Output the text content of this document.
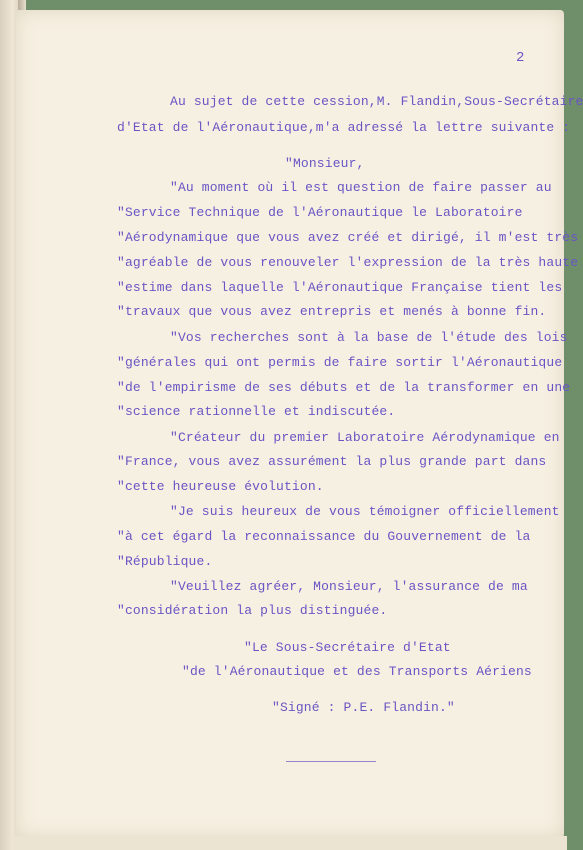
2
Au sujet de cette cession,M. Flandin,Sous-Secrétaire
d'Etat de l'Aéronautique,m'a adressé la lettre suivante :
"Monsieur,
"Au moment où il est question de faire passer au
"Service Technique de l'Aéronautique le Laboratoire
"Aérodynamique que vous avez créé et dirigé, il m'est très
"agréable de vous renouveler l'expression de la très haute
"estime dans laquelle l'Aéronautique Française tient les
"travaux que vous avez entrepris et menés à bonne fin.
"Vos recherches sont à la base de l'étude des lois
"générales qui ont permis de faire sortir l'Aéronautique
"de l'empirisme de ses débuts et de la transformer en une
"science rationnelle et indiscutée.
"Créateur du premier Laboratoire Aérodynamique en
"France, vous avez assurément la plus grande part dans
"cette heureuse évolution.
"Je suis heureux de vous témoigner officiellement
"à cet égard la reconnaissance du Gouvernement de la
"République.
"Veuillez agréer, Monsieur, l'assurance de ma
"considération la plus distinguée.
"Le Sous-Secrétaire d'Etat
"de l'Aéronautique et des Transports Aériens
"Signé : P.E. Flandin."
